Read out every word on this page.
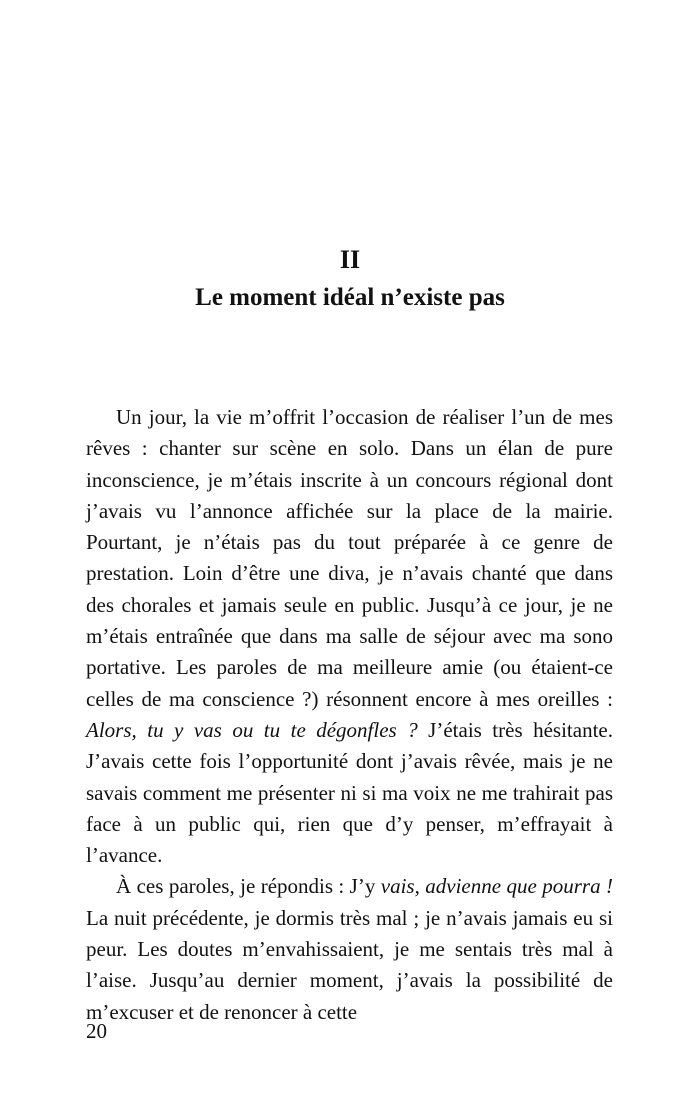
II
Le moment idéal n’existe pas

Un jour, la vie m’offrit l’occasion de réaliser l’un de mes rêves : chanter sur scène en solo. Dans un élan de pure inconscience, je m’étais inscrite à un concours régional dont j’avais vu l’annonce affichée sur la place de la mairie. Pourtant, je n’étais pas du tout préparée à ce genre de prestation. Loin d’être une diva, je n’avais chanté que dans des chorales et jamais seule en public. Jusqu’à ce jour, je ne m’étais entraînée que dans ma salle de séjour avec ma sono portative. Les paroles de ma meilleure amie (ou étaient-ce celles de ma conscience ?) résonnent encore à mes oreilles : Alors, tu y vas ou tu te dégonfles ? J’étais très hésitante. J’avais cette fois l’opportunité dont j’avais rêvée, mais je ne savais comment me présenter ni si ma voix ne me trahirait pas face à un public qui, rien que d’y penser, m’effrayait à l’avance.

À ces paroles, je répondis : J’y vais, advienne que pourra ! La nuit précédente, je dormis très mal ; je n’avais jamais eu si peur. Les doutes m’envahissaient, je me sentais très mal à l’aise. Jusqu’au dernier moment, j’avais la possibilité de m’excuser et de renoncer à cette

20
